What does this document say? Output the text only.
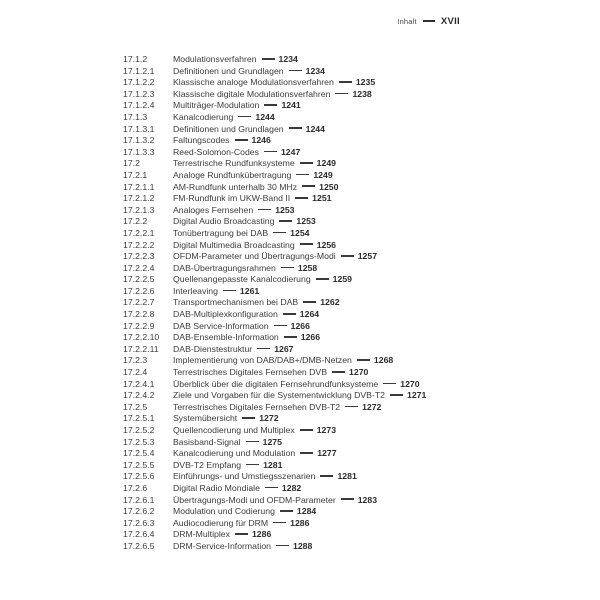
Inhalt	XVII
17.1.2	Modulationsverfahren	1234
17.1.2.1	Definitionen und Grundlagen	1234
17.1.2.2	Klassische analoge Modulationsverfahren	1235
17.1.2.3	Klassische digitale Modulationsverfahren	1238
17.1.2.4	Multiträger-Modulation	1241
17.1.3	Kanalcodierung	1244
17.1.3.1	Definitionen und Grundlagen	1244
17.1.3.2	Faltungscodes	1246
17.1.3.3	Reed-Solomon-Codes	1247
17.2	Terrestrische Rundfunksysteme	1249
17.2.1	Analoge Rundfunkübertragung	1249
17.2.1.1	AM-Rundfunk unterhalb 30 MHz	1250
17.2.1.2	FM-Rundfunk im UKW-Band II	1251
17.2.1.3	Analoges Fernsehen	1253
17.2.2	Digital Audio Broadcasting	1253
17.2.2.1	Tonübertragung bei DAB	1254
17.2.2.2	Digital Multimedia Broadcasting	1256
17.2.2.3	OFDM-Parameter und Übertragungs-Modi	1257
17.2.2.4	DAB-Übertragungsrahmen	1258
17.2.2.5	Quellenangepasste Kanalcodierung	1259
17.2.2.6	Interleaving	1261
17.2.2.7	Transportmechanismen bei DAB	1262
17.2.2.8	DAB-Multiplexkonfiguration	1264
17.2.2.9	DAB Service-Information	1266
17.2.2.10	DAB-Ensemble-Information	1266
17.2.2.11	DAB-Dienstestruktur	1267
17.2.3	Implementierung von DAB/DAB+/DMB-Netzen	1268
17.2.4	Terrestrisches Digitales Fernsehen DVB	1270
17.2.4.1	Überblick über die digitalen Fernsehrundfunksysteme	1270
17.2.4.2	Ziele und Vorgaben für die Systementwicklung DVB-T2	1271
17.2.5	Terrestrisches Digitales Fernsehen DVB-T2	1272
17.2.5.1	Systemübersicht	1272
17.2.5.2	Quellencodierung und Multiplex	1273
17.2.5.3	Basisband-Signal	1275
17.2.5.4	Kanalcodierung und Modulation	1277
17.2.5.5	DVB-T2 Empfang	1281
17.2.5.6	Einführungs- und Umstiegsszenarien	1281
17.2.6	Digital Radio Mondiale	1282
17.2.6.1	Übertragungs-Modi und OFDM-Parameter	1283
17.2.6.2	Modulation und Codierung	1284
17.2.6.3	Audiocodierung für DRM	1286
17.2.6.4	DRM-Multiplex	1286
17.2.6.5	DRM-Service-Information	1288
